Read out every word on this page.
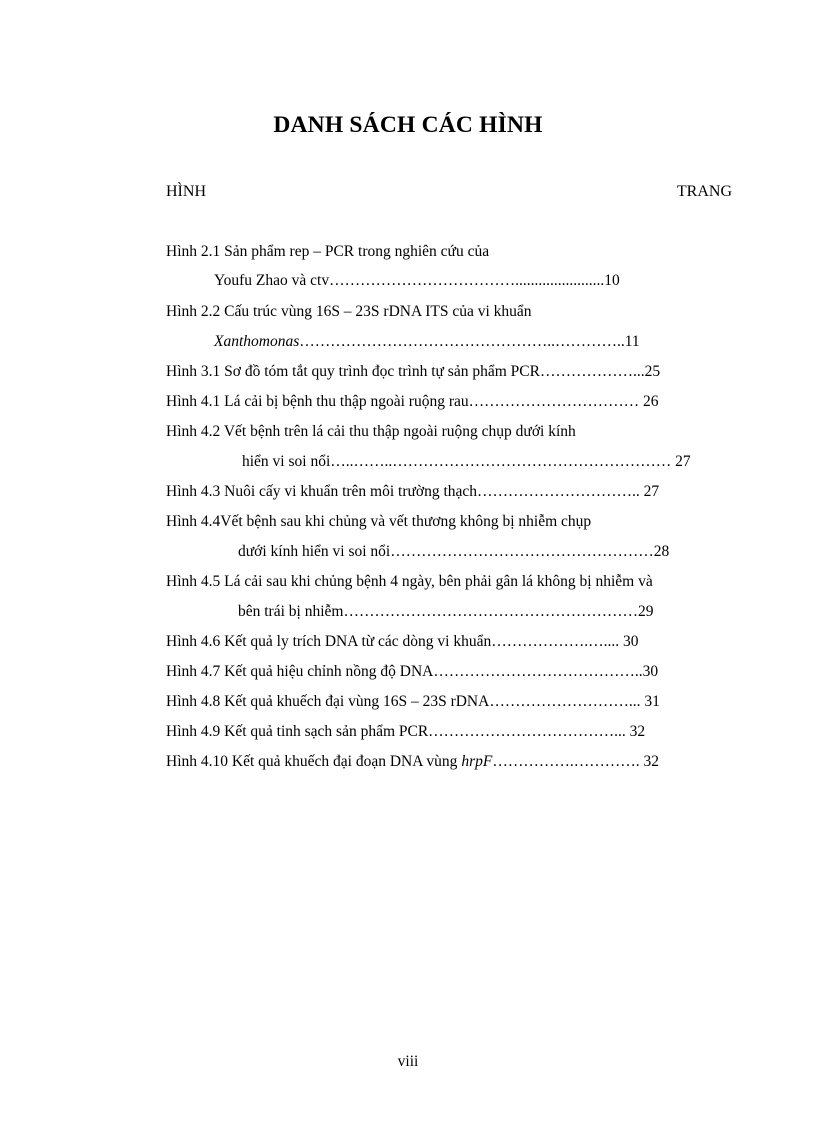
DANH SÁCH CÁC HÌNH
HÌNH	TRANG
Hình 2.1 Sản phẩm rep – PCR trong nghiên cứu của
Youfu Zhao và ctv……………………………….......................10
Hình 2.2 Cấu trúc vùng 16S – 23S rDNA ITS của vi khuẩn
Xanthomonas…………………………………………..…………..11
Hình 3.1 Sơ đồ tóm tắt quy trình đọc trình tự sản phẩm PCR………………...25
Hình 4.1 Lá cải bị bệnh thu thập ngoài ruộng rau…………………………… 26
Hình 4.2 Vết bệnh trên lá cải thu thập ngoài ruộng chụp dưới kính
hiển vi soi nổi…..……..……………………………………………… 27
Hình 4.3 Nuôi cấy vi khuẩn trên môi trường thạch………………………….. 27
Hình 4.4Vết bệnh sau khi chủng và vết thương không bị nhiễm chụp
dưới kính hiển vi soi nổi……………………………………………28
Hình 4.5 Lá cải sau khi chủng bệnh 4 ngày, bên phải gân lá không bị nhiễm và
bên trái bị nhiễm…………………………………………………29
Hình 4.6 Kết quả ly trích DNA từ các dòng vi khuẩn……………….….... 30
Hình 4.7 Kết quả hiệu chỉnh nồng độ DNA…………………………………..30
Hình 4.8 Kết quả khuếch đại vùng 16S – 23S rDNA………………………... 31
Hình 4.9 Kết quả tinh sạch sản phẩm PCR………………………………... 32
Hình 4.10 Kết quả khuếch đại đoạn DNA vùng hrpF…………….…………. 32
viii
